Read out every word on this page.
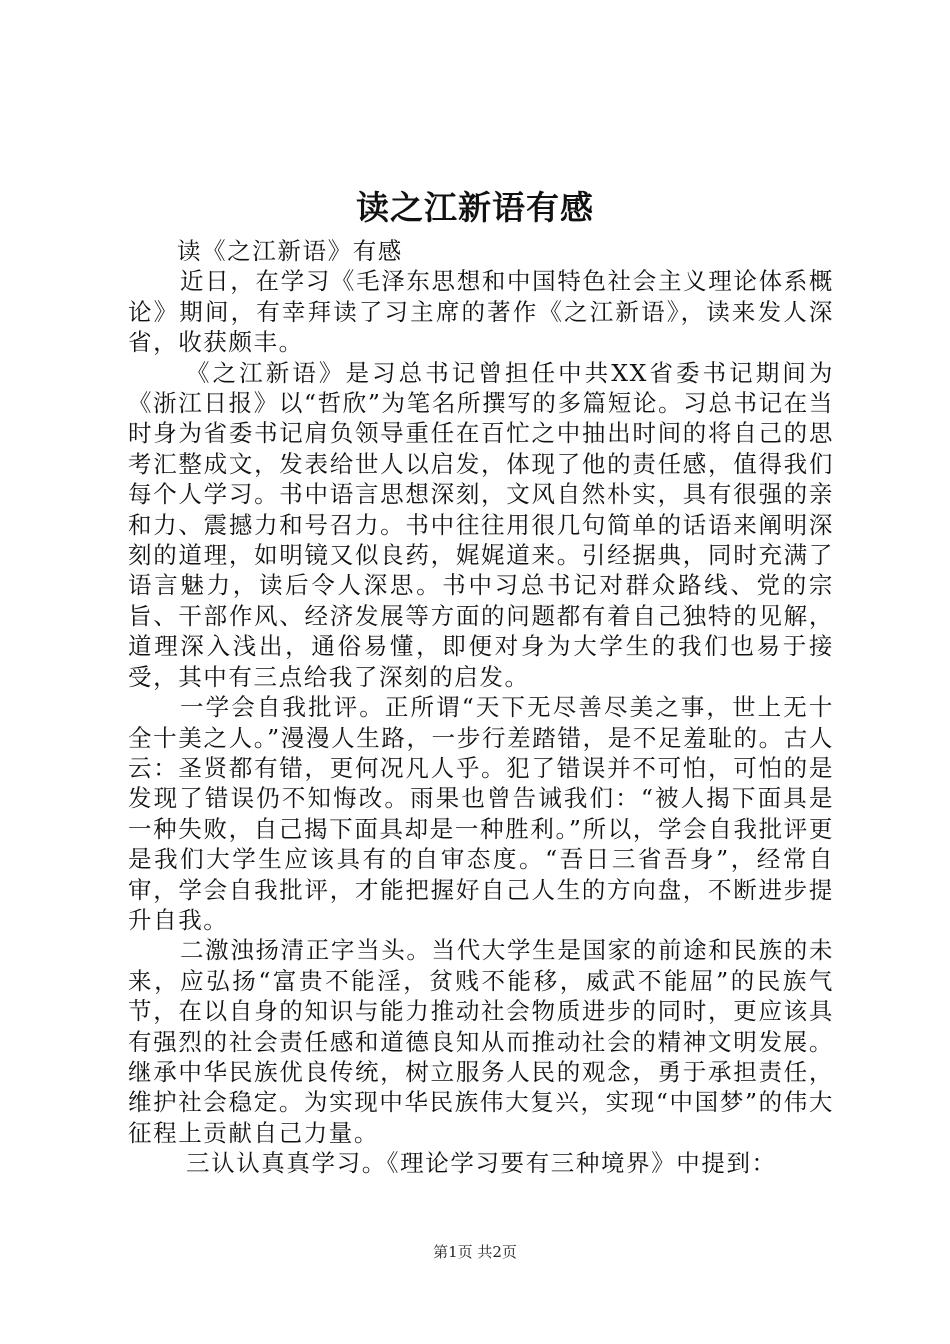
读之江新语有感

读《之江新语》有感

近日，在学习《毛泽东思想和中国特色社会主义理论体系概论》期间，有幸拜读了习主席的著作《之江新语》，读来发人深省，收获颇丰。

《之江新语》是习总书记曾担任中共XX省委书记期间为《浙江日报》以“哲欣”为笔名所撰写的多篇短论。习总书记在当时身为省委书记肩负领导重任在百忙之中抽出时间的将自己的思考汇整成文，发表给世人以启发，体现了他的责任感，值得我们每个人学习。书中语言思想深刻，文风自然朴实，具有很强的亲和力、震撼力和号召力。书中往往用很几句简单的话语来阐明深刻的道理，如明镜又似良药，娓娓道来。引经据典，同时充满了语言魅力，读后令人深思。书中习总书记对群众路线、党的宗旨、干部作风、经济发展等方面的问题都有着自己独特的见解，道理深入浅出，通俗易懂，即便对身为大学生的我们也易于接受，其中有三点给我了深刻的启发。

一学会自我批评。正所谓“天下无尽善尽美之事，世上无十全十美之人。”漫漫人生路，一步行差踏错，是不足羞耻的。古人云：圣贤都有错，更何况凡人乎。犯了错误并不可怕，可怕的是发现了错误仍不知悔改。雨果也曾告诫我们：“被人揭下面具是一种失败，自己揭下面具却是一种胜利。”所以，学会自我批评更是我们大学生应该具有的自审态度。“吾日三省吾身”，经常自审，学会自我批评，才能把握好自己人生的方向盘，不断进步提升自我。

二激浊扬清正字当头。当代大学生是国家的前途和民族的未来，应弘扬“富贵不能淫，贫贱不能移，威武不能屈”的民族气节，在以自身的知识与能力推动社会物质进步的同时，更应该具有强烈的社会责任感和道德良知从而推动社会的精神文明发展。继承中华民族优良传统，树立服务人民的观念，勇于承担责任，维护社会稳定。为实现中华民族伟大复兴，实现“中国梦”的伟大征程上贡献自己力量。

三认认真真学习。《理论学习要有三种境界》中提到：

第1页 共2页
